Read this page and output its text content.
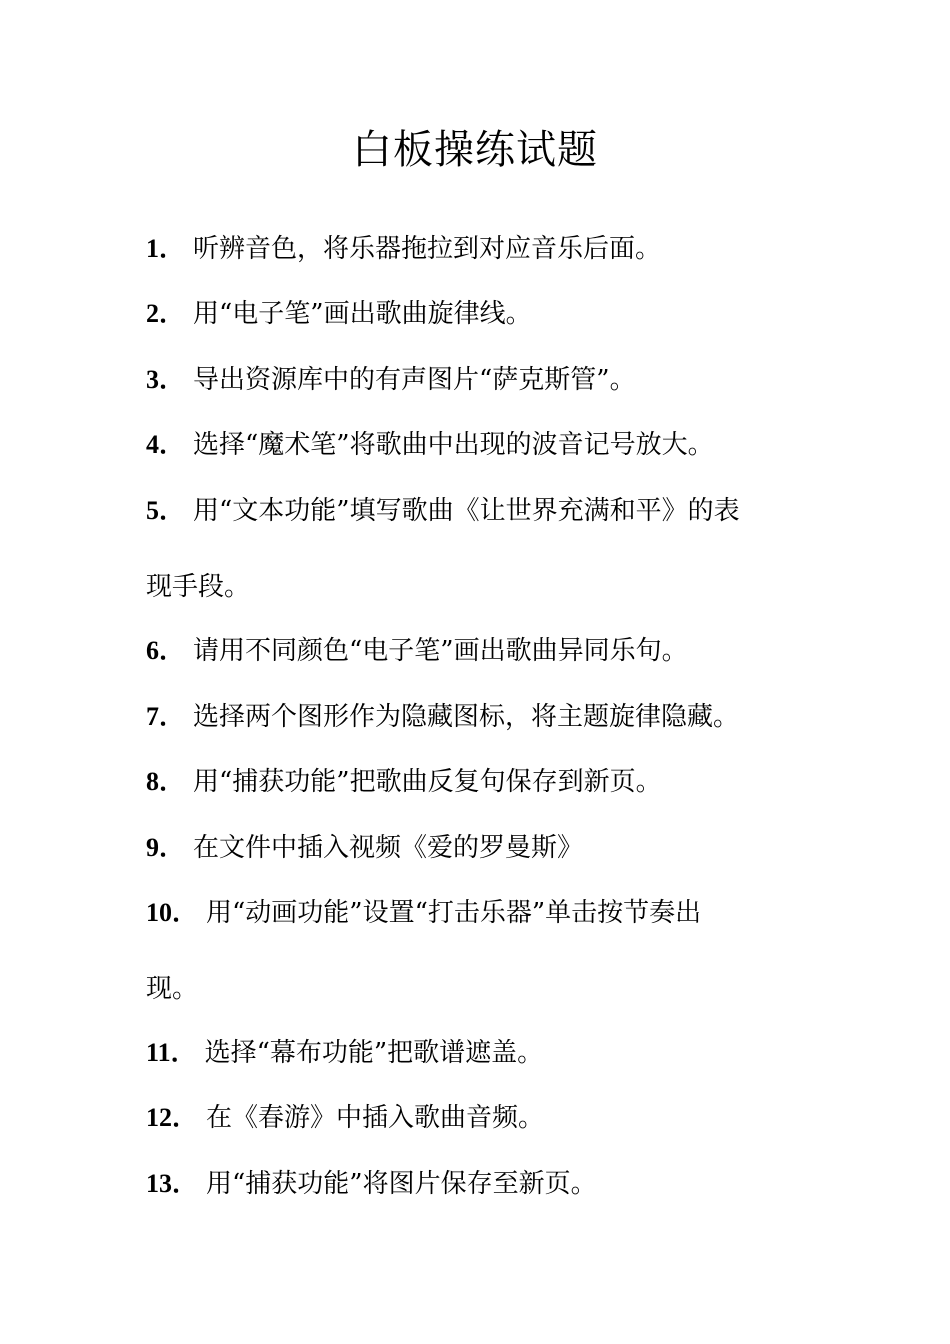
白板操练试题
1． 听辨音色，将乐器拖拉到对应音乐后面。
2． 用“电子笔”画出歌曲旋律线。
3． 导出资源库中的有声图片“萨克斯管”。
4． 选择“魔术笔”将歌曲中出现的波音记号放大。
5． 用“文本功能”填写歌曲《让世界充满和平》的表
现手段。
6． 请用不同颜色“电子笔”画出歌曲异同乐句。
7． 选择两个图形作为隐藏图标，将主题旋律隐藏。
8． 用“捕获功能”把歌曲反复句保存到新页。
9． 在文件中插入视频《爱的罗曼斯》
10． 用“动画功能”设置“打击乐器”单击按节奏出
现。
11． 选择“幕布功能”把歌谱遮盖。
12． 在《春游》中插入歌曲音频。
13． 用“捕获功能”将图片保存至新页。
